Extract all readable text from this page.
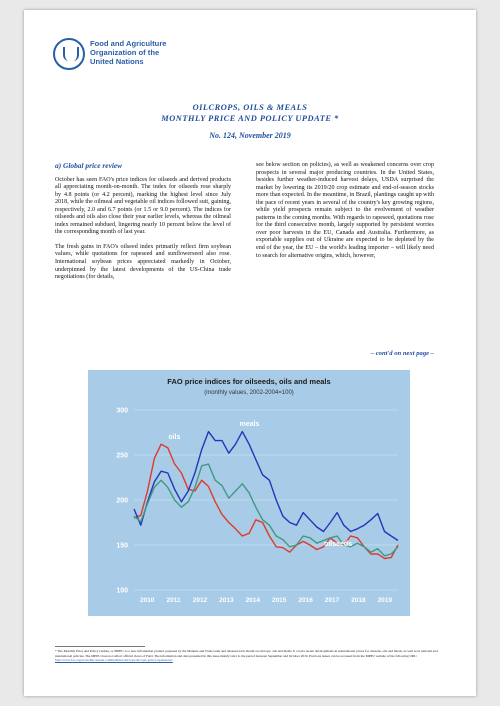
Food and Agriculture
Organization of the
United Nations
OILCROPS, OILS & MEALS
MONTHLY PRICE AND POLICY UPDATE *
No. 124, November 2019
a) Global price review

October has seen FAO's price indices for oilseeds and derived products all appreciating month-on-month. The index for oilseeds rose sharply by 4.8 points (or 4.2 percent), marking the highest level since July 2018, while the oilmeal and vegetable oil indices followed suit, gaining, respectively, 2.0 and 6.7 points (or 1.5 or 9.0 percent). The indices for oilseeds and oils also close their year earlier levels, whereas the oilmeal index remained subdued, lingering nearly 10 percent below the level of the corresponding month of last year.

The fresh gains in FAO's oilseed index primarily reflect firm soybean values, while quotations for rapeseed and sunflowerseed also rose. International soybean prices appreciated markedly in October, underpinned by the latest developments of the US-China trade negotiations (for details,

see below section on policies), as well as weakened concerns over crop prospects in several major producing countries. In the United States, besides further weather-induced harvest delays, USDA surprised the market by lowering its 2019/20 crop estimate and end-of-season stocks more than expected. In the meantime, in Brazil, plantings caught up with the pace of recent years in several of the country's key growing regions, while yield prospects remain subject to the evolvement of weather patterns in the coming months. With regards to rapeseed, quotations rose for the third consecutive month, largely supported by persistent worries over poor harvests in the EU, Canada and Australia. Furthermore, as exportable supplies out of Ukraine are expected to be depleted by the end of the year, the EU – the world's leading importer – will likely need to search for alternative origins, which, however,

– cont'd on next page –
FAO price indices for oilseeds, oils and meals
(monthly values, 2002-2004=100)
100
150
200
250
300
2010 2011 2012 2013 2014 2015 2016 2017 2018 2019
oils
meals
oilseeds
* The Monthly Price and Policy Update, or MPPU, is a new information product prepared by the Markets and Trade team and released each month on oilcrops, oils and meals. It covers recent developments in international prices for oilseeds, oils and meals, as well as in national and international policies. The MPPU does not reflect official views of FAO. The information and data presented in this issue mainly refer to the period between September and October 2019. Previous issues can be accessed from the MPPU website of the following URL: http://www.fao.org/economic/est/est-commodities/oilcrops/oilcrops-policy-updates/en/
